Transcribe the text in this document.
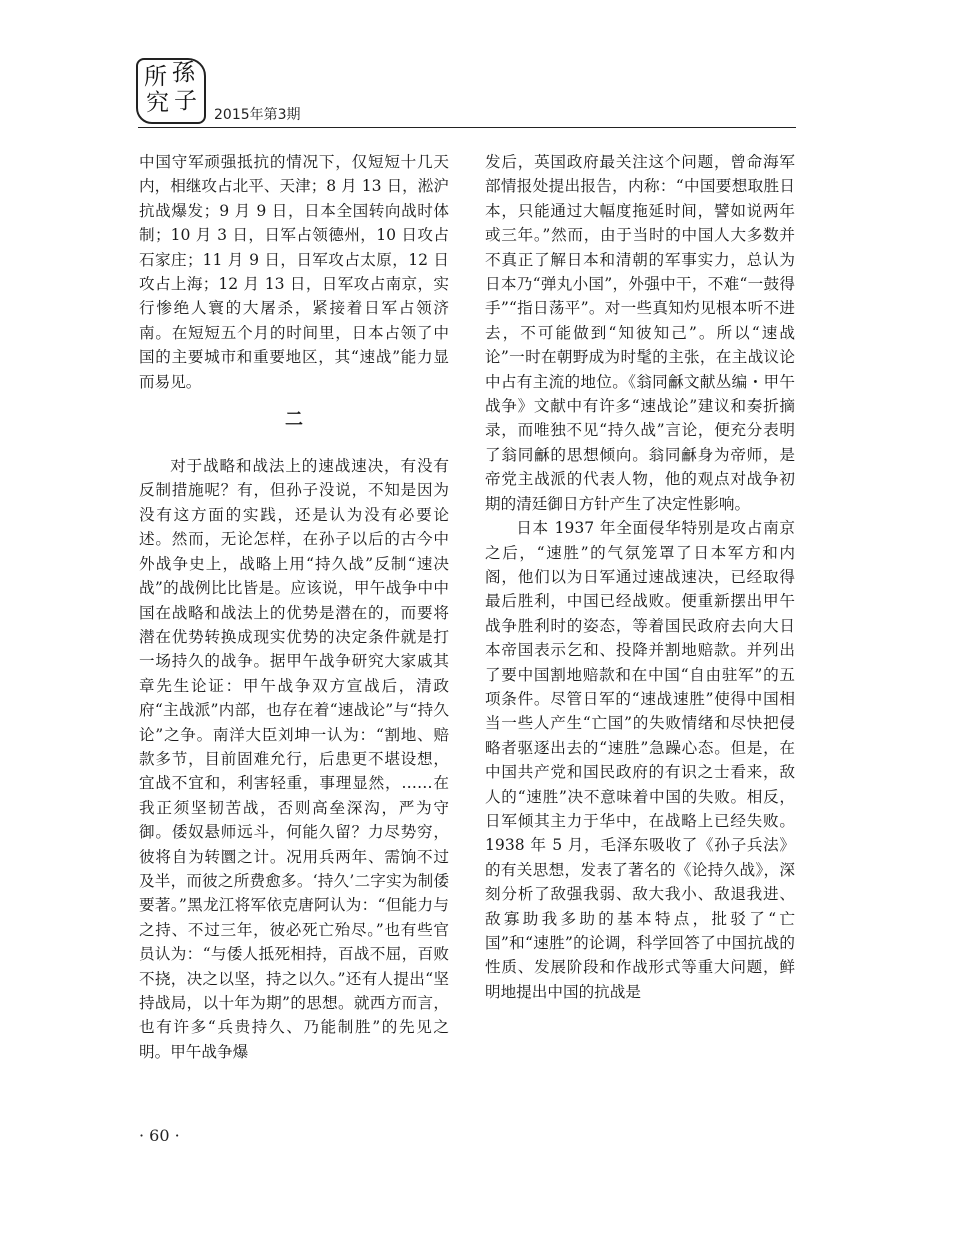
所 孫
究 子
2015年第3期

中国守军顽强抵抗的情况下，仅短短十几天内，相继攻占北平、天津；8 月 13 日，淞沪抗战爆发；9 月 9 日，日本全国转向战时体制；10 月 3 日，日军占领德州，10 日攻占石家庄；11 月 9 日，日军攻占太原，12 日攻占上海；12 月 13 日，日军攻占南京，实行惨绝人寰的大屠杀，紧接着日军占领济南。在短短五个月的时间里，日本占领了中国的主要城市和重要地区，其“速战”能力显而易见。

二

对于战略和战法上的速战速决，有没有反制措施呢？有，但孙子没说，不知是因为没有这方面的实践，还是认为没有必要论述。然而，无论怎样，在孙子以后的古今中外战争史上，战略上用“持久战”反制“速决战”的战例比比皆是。应该说，甲午战争中中国在战略和战法上的优势是潜在的，而要将潜在优势转换成现实优势的决定条件就是打一场持久的战争。据甲午战争研究大家戚其章先生论证：甲午战争双方宣战后，清政府“主战派”内部，也存在着“速战论”与“持久论”之争。南洋大臣刘坤一认为：“割地、赔款多节，目前固难允行，后患更不堪设想，宜战不宜和，利害轻重，事理显然，……在我正须坚韧苦战，否则高垒深沟，严为守御。倭奴悬师远斗，何能久留？力尽势穷，彼将自为转圜之计。况用兵两年、需饷不过及半，而彼之所费愈多。‘持久’二字实为制倭要著。”黑龙江将军依克唐阿认为：“但能力与之持、不过三年，彼必死亡殆尽。”也有些官员认为：“与倭人抵死相持，百战不屈，百败不挠，决之以坚，持之以久。”还有人提出“坚持战局，以十年为期”的思想。就西方而言，也有许多“兵贵持久、乃能制胜”的先见之明。甲午战争爆

发后，英国政府最关注这个问题，曾命海军部情报处提出报告，内称：“中国要想取胜日本，只能通过大幅度拖延时间，譬如说两年或三年。”然而，由于当时的中国人大多数并不真正了解日本和清朝的军事实力，总认为日本乃“弹丸小国”，外强中干，不难“一鼓得手”“指日荡平”。对一些真知灼见根本听不进去，不可能做到“知彼知己”。所以“速战论”一时在朝野成为时髦的主张，在主战议论中占有主流的地位。《翁同龢文献丛编・甲午战争》文献中有许多“速战论”建议和奏折摘录，而唯独不见“持久战”言论，便充分表明了翁同龢的思想倾向。翁同龢身为帝师，是帝党主战派的代表人物，他的观点对战争初期的清廷御日方针产生了决定性影响。

日本 1937 年全面侵华特别是攻占南京之后，“速胜”的气氛笼罩了日本军方和内阁，他们以为日军通过速战速决，已经取得最后胜利，中国已经战败。便重新摆出甲午战争胜利时的姿态，等着国民政府去向大日本帝国表示乞和、投降并割地赔款。并列出了要中国割地赔款和在中国“自由驻军”的五项条件。尽管日军的“速战速胜”使得中国相当一些人产生“亡国”的失败情绪和尽快把侵略者驱逐出去的“速胜”急躁心态。但是，在中国共产党和国民政府的有识之士看来，敌人的“速胜”决不意味着中国的失败。相反，日军倾其主力于华中，在战略上已经失败。1938 年 5 月，毛泽东吸收了《孙子兵法》的有关思想，发表了著名的《论持久战》，深刻分析了敌强我弱、敌大我小、敌退我进、敌寡助我多助的基本特点，批驳了“亡国”和“速胜”的论调，科学回答了中国抗战的性质、发展阶段和作战形式等重大问题，鲜明地提出中国的抗战是

· 60 ·
